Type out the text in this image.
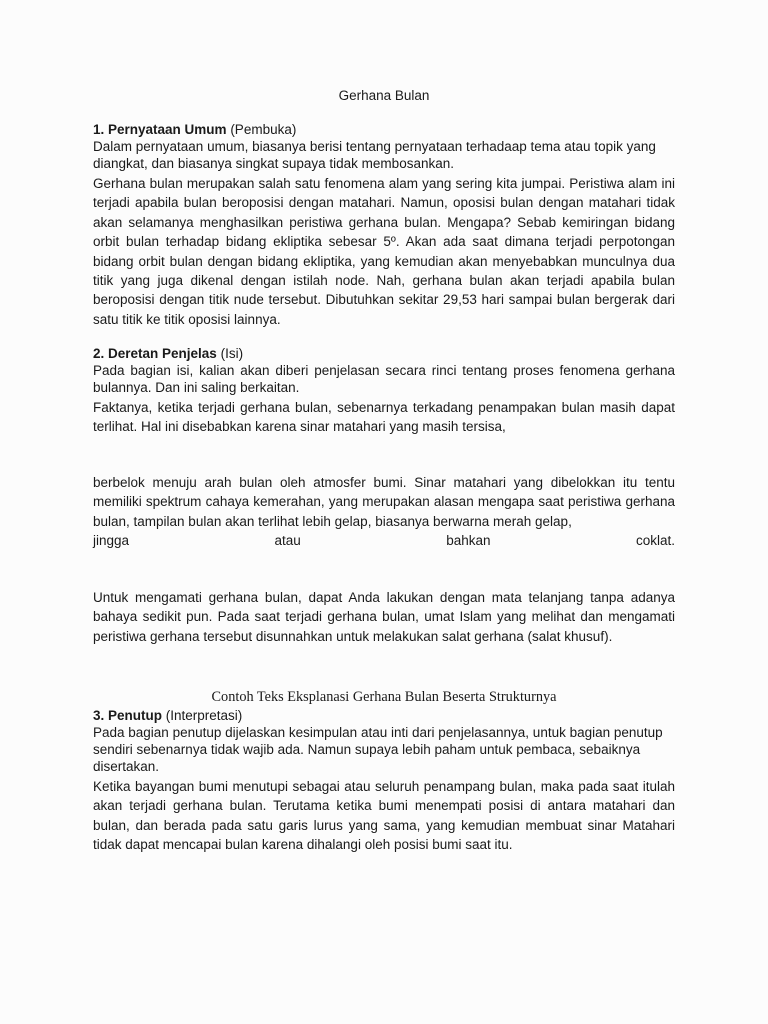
Gerhana Bulan
1. Pernyataan Umum (Pembuka)
Dalam pernyataan umum, biasanya berisi tentang pernyataan terhadaap tema atau topik yang diangkat, dan biasanya singkat supaya tidak membosankan.

Gerhana bulan merupakan salah satu fenomena alam yang sering kita jumpai. Peristiwa alam ini terjadi apabila bulan beroposisi dengan matahari. Namun, oposisi bulan dengan matahari tidak akan selamanya menghasilkan peristiwa gerhana bulan. Mengapa? Sebab kemiringan bidang orbit bulan terhadap bidang ekliptika sebesar 5º. Akan ada saat dimana terjadi perpotongan bidang orbit bulan dengan bidang ekliptika, yang kemudian akan menyebabkan munculnya dua titik yang juga dikenal dengan istilah node. Nah, gerhana bulan akan terjadi apabila bulan beroposisi dengan titik nude tersebut. Dibutuhkan sekitar 29,53 hari sampai bulan bergerak dari satu titik ke titik oposisi lainnya.

2. Deretan Penjelas (Isi)
Pada bagian isi, kalian akan diberi penjelasan secara rinci tentang proses fenomena gerhana bulannya. Dan ini saling berkaitan.

Faktanya, ketika terjadi gerhana bulan, sebenarnya terkadang penampakan bulan masih dapat terlihat. Hal ini disebabkan karena sinar matahari yang masih tersisa,

berbelok menuju arah bulan oleh atmosfer bumi. Sinar matahari yang dibelokkan itu tentu memiliki spektrum cahaya kemerahan, yang merupakan alasan mengapa saat peristiwa gerhana bulan, tampilan bulan akan terlihat lebih gelap, biasanya berwarna merah gelap,

jingga	atau	bahkan	coklat.

Untuk mengamati gerhana bulan, dapat Anda lakukan dengan mata telanjang tanpa adanya bahaya sedikit pun. Pada saat terjadi gerhana bulan, umat Islam yang melihat dan mengamati peristiwa gerhana tersebut disunnahkan untuk melakukan salat gerhana (salat khusuf).

Contoh Teks Eksplanasi Gerhana Bulan Beserta Strukturnya
3. Penutup (Interpretasi)
Pada bagian penutup dijelaskan kesimpulan atau inti dari penjelasannya, untuk bagian penutup sendiri sebenarnya tidak wajib ada. Namun supaya lebih paham untuk pembaca, sebaiknya disertakan.

Ketika bayangan bumi menutupi sebagai atau seluruh penampang bulan, maka pada saat itulah akan terjadi gerhana bulan. Terutama ketika bumi menempati posisi di antara matahari dan bulan, dan berada pada satu garis lurus yang sama, yang kemudian membuat sinar Matahari tidak dapat mencapai bulan karena dihalangi oleh posisi bumi saat itu.
